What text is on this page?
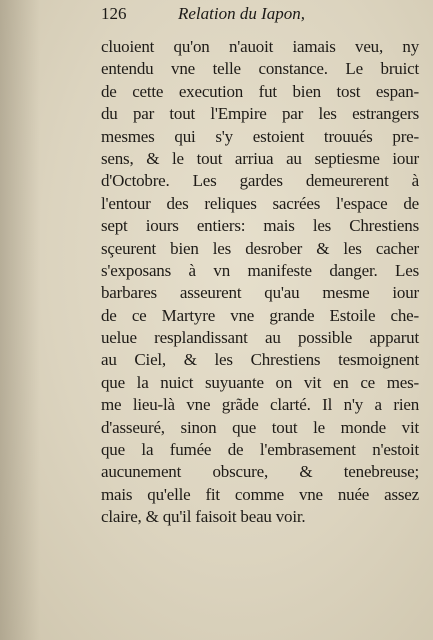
126	Relation du Iapon,
cluoient qu'on n'auoit iamais veu, ny
entendu vne telle constance. Le bruict
de cette execution fut bien tost espan-
du par tout l'Empire par les estrangers
mesmes qui s'y estoient trouués pre-
sens, & le tout arriua au septiesme iour
d'Octobre. Les gardes demeurerent à
l'entour des reliques sacrées l'espace de
sept iours entiers: mais les Chrestiens
sçeurent bien les desrober & les cacher
s'exposans à vn manifeste danger. Les
barbares asseurent qu'au mesme iour
de ce Martyre vne grande Estoile che-
uelue resplandissant au possible apparut
au Ciel, & les Chrestiens tesmoignent
que la nuict suyuante on vit en ce mes-
me lieu-là vne grãde clarté. Il n'y a rien
d'asseuré, sinon que tout le monde vit
que la fumée de l'embrasement n'estoit
aucunement obscure, & tenebreuse;
mais qu'elle fit comme vne nuée assez
claire, & qu'il faisoit beau voir.
